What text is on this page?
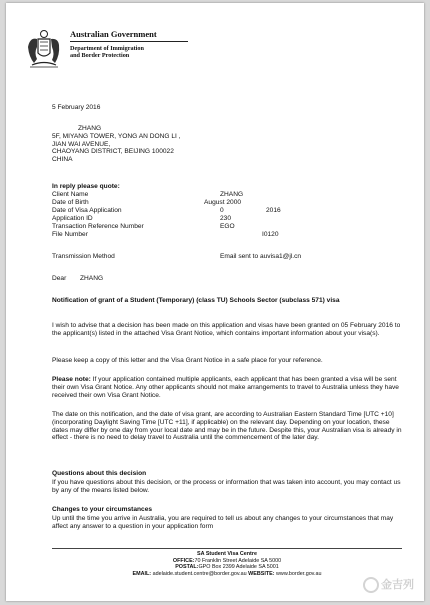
Australian Government
Department of Immigration
and Border Protection
5 February 2016
ZHANG
5F, MIYANG TOWER, YONG AN DONG LI ,
JIAN WAI AVENUE,
CHAOYANG DISTRICT, BEIJING 100022
CHINA
In reply please quote:
Client Name	ZHANG
Date of Birth	August 2000
Date of Visa Application	0	2016
Application ID	230
Transaction Reference Number	EGO
File Number	I0120
Transmission Method	Email sent to auvisa1@jl.cn
Dear ZHANG
Notification of grant of a Student (Temporary) (class TU) Schools Sector (subclass 571) visa
I wish to advise that a decision has been made on this application and visas have been granted on 05 February 2016 to the applicant(s) listed in the attached Visa Grant Notice, which contains important information about your visa(s).
Please keep a copy of this letter and the Visa Grant Notice in a safe place for your reference.
Please note: If your application contained multiple applicants, each applicant that has been granted a visa will be sent their own Visa Grant Notice. Any other applicants should not make arrangements to travel to Australia unless they have received their own Visa Grant Notice.
The date on this notification, and the date of visa grant, are according to Australian Eastern Standard Time [UTC +10] (incorporating Daylight Saving Time [UTC +11], if applicable) on the relevant day. Depending on your location, these dates may differ by one day from your local date and may be in the future. Despite this, your Australian visa is already in effect - there is no need to delay travel to Australia until the commencement of the later day.
Questions about this decision
If you have questions about this decision, or the process or information that was taken into account, you may contact us by any of the means listed below.
Changes to your circumstances
Up until the time you arrive in Australia, you are required to tell us about any changes to your circumstances that may affect any answer to a question in your application form
SA Student Visa Centre
OFFICE:70 Franklin Street Adelaide SA 5000
POSTAL:GPO Box 2399 Adelaide SA 5001
EMAIL: adelaide.student.centre@border.gov.au WEBSITE: www.border.gov.au
金吉列
